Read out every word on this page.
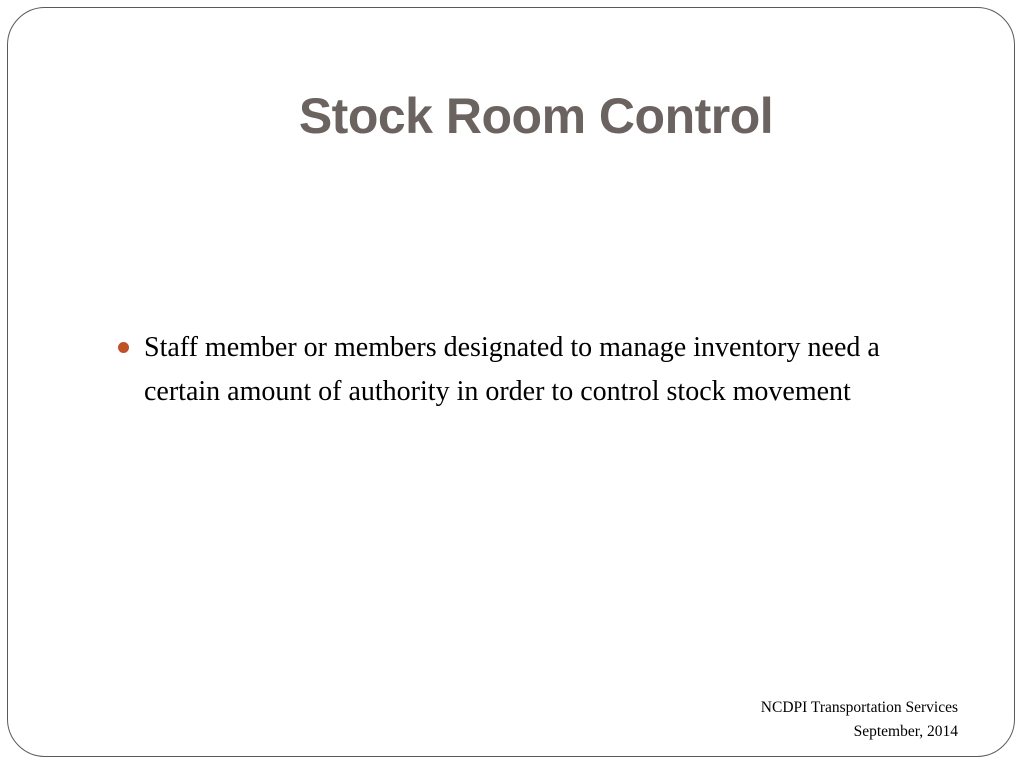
Stock Room Control
Staff member or members designated to manage inventory need a certain amount of authority in order to control stock movement
NCDPI Transportation Services
September, 2014
